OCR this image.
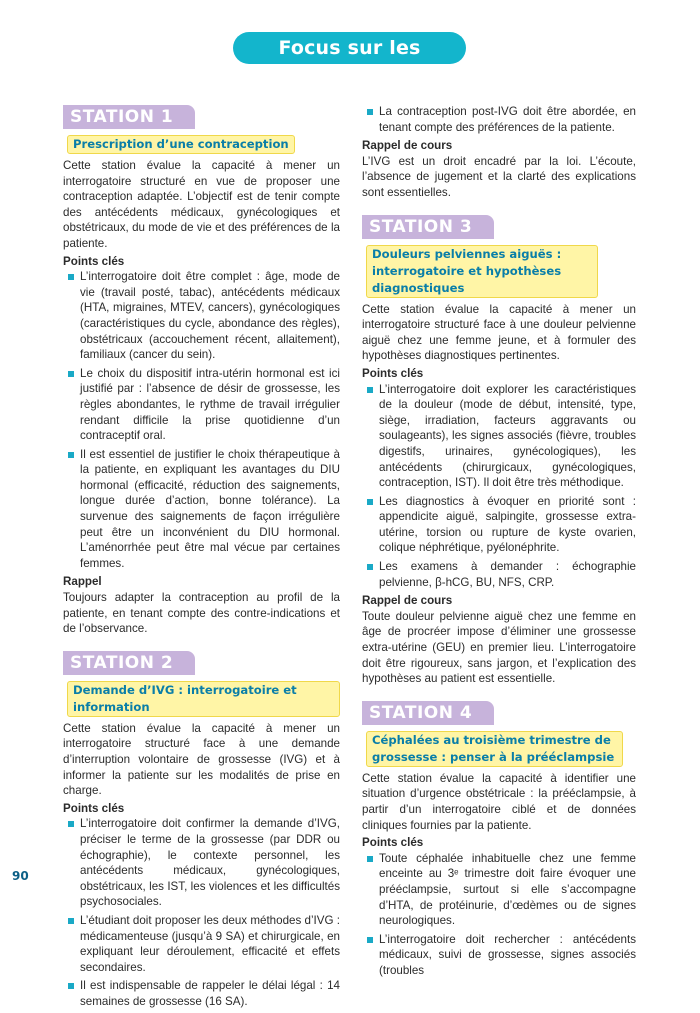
Focus sur les stations
STATION 1
Prescription d’une contraception

Cette station évalue la capacité à mener un interrogatoire structuré en vue de proposer une contraception adaptée. L’objectif est de tenir compte des antécédents médicaux, gynécologiques et obstétricaux, du mode de vie et des préférences de la patiente.

Points clés
L’interrogatoire doit être complet : âge, mode de vie (travail posté, tabac), antécédents médicaux (HTA, migraines, MTEV, cancers), gynécologiques (caractéristiques du cycle, abondance des règles), obstétricaux (accouchement récent, allaitement), familiaux (cancer du sein).
Le choix du dispositif intra-utérin hormonal est ici justifié par : l’absence de désir de grossesse, les règles abondantes, le rythme de travail irrégulier rendant difficile la prise quotidienne d’un contraceptif oral.
Il est essentiel de justifier le choix thérapeutique à la patiente, en expliquant les avantages du DIU hormonal (efficacité, réduction des saignements, longue durée d’action, bonne tolérance). La survenue des saignements de façon irrégulière peut être un inconvénient du DIU hormonal. L’aménorrhée peut être mal vécue par certaines femmes.
Rappel

Toujours adapter la contraception au profil de la patiente, en tenant compte des contre-indications et de l’observance.

STATION 2
Demande d’IVG : interrogatoire et information

Cette station évalue la capacité à mener un interrogatoire structuré face à une demande d’interruption volontaire de grossesse (IVG) et à informer la patiente sur les modalités de prise en charge.

Points clés
L’interrogatoire doit confirmer la demande d’IVG, préciser le terme de la grossesse (par DDR ou échographie), le contexte personnel, les antécédents médicaux, gynécologiques, obstétricaux, les IST, les violences et les difficultés psychosociales.
L’étudiant doit proposer les deux méthodes d’IVG : médicamenteuse (jusqu’à 9 SA) et chirurgicale, en expliquant leur déroulement, efficacité et effets secondaires.
Il est indispensable de rappeler le délai légal : 14 semaines de grossesse (16 SA).
La contraception post-IVG doit être abordée, en tenant compte des préférences de la patiente.
Rappel de cours

L’IVG est un droit encadré par la loi. L’écoute, l’absence de jugement et la clarté des explications sont essentielles.

STATION 3
Douleurs pelviennes aiguës : interrogatoire et hypothèses diagnostiques

Cette station évalue la capacité à mener un interrogatoire structuré face à une douleur pelvienne aiguë chez une femme jeune, et à formuler des hypothèses diagnostiques pertinentes.

Points clés
L’interrogatoire doit explorer les caractéristiques de la douleur (mode de début, intensité, type, siège, irradiation, facteurs aggravants ou soulageants), les signes associés (fièvre, troubles digestifs, urinaires, gynécologiques), les antécédents (chirurgicaux, gynécologiques, contraception, IST). Il doit être très méthodique.
Les diagnostics à évoquer en priorité sont : appendicite aiguë, salpingite, grossesse extra-utérine, torsion ou rupture de kyste ovarien, colique néphrétique, pyélonéphrite.
Les examens à demander : échographie pelvienne, β-hCG, BU, NFS, CRP.
Rappel de cours

Toute douleur pelvienne aiguë chez une femme en âge de procréer impose d’éliminer une grossesse extra-utérine (GEU) en premier lieu. L’interrogatoire doit être rigoureux, sans jargon, et l’explication des hypothèses au patient est essentielle.

STATION 4
Céphalées au troisième trimestre de grossesse : penser à la prééclampsie

Cette station évalue la capacité à identifier une situation d’urgence obstétricale : la prééclampsie, à partir d’un interrogatoire ciblé et de données cliniques fournies par la patiente.

Points clés
Toute céphalée inhabituelle chez une femme enceinte au 3ᵉ trimestre doit faire évoquer une prééclampsie, surtout si elle s’accompagne d’HTA, de protéinurie, d’œdèmes ou de signes neurologiques.
L’interrogatoire doit rechercher : antécédents médicaux, suivi de grossesse, signes associés (troubles
90
